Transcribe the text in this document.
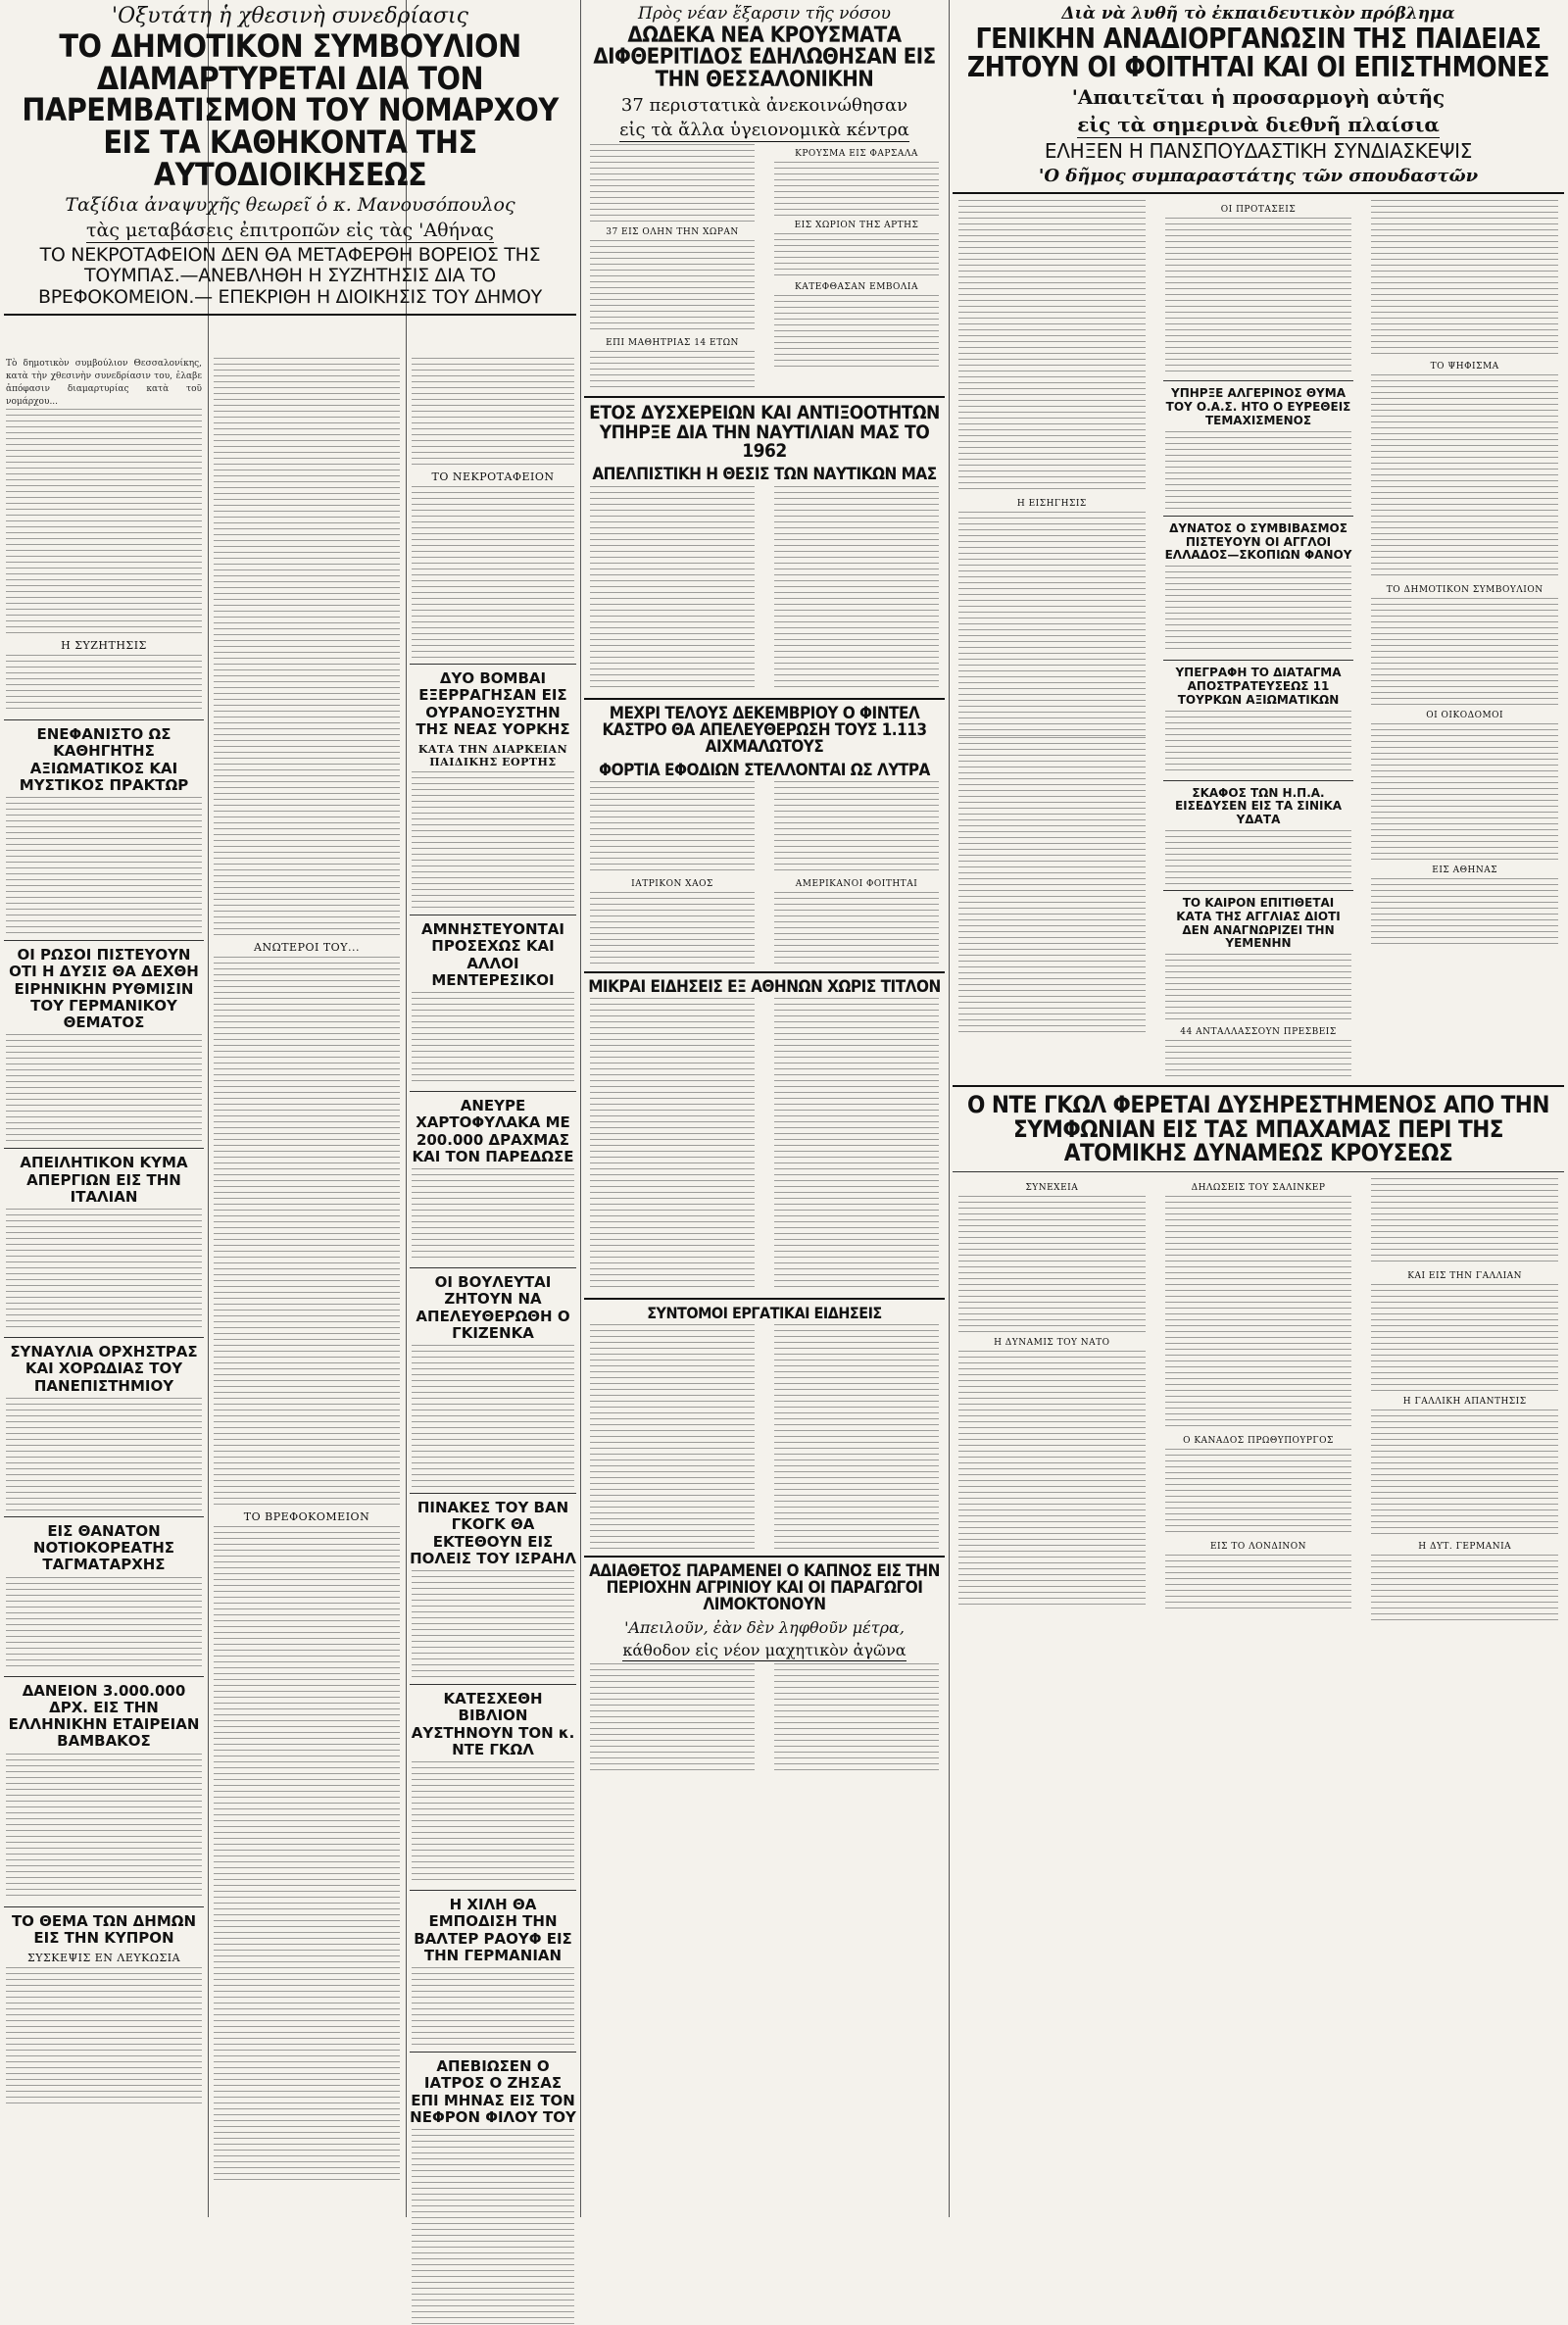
'Οξυτάτη ἡ χθεσινὴ συνεδρίασις
ΤΟ ΔΗΜΟΤΙΚΟΝ ΣΥΜΒΟΥΛΙΟΝ ΔΙΑΜΑΡΤΥΡΕΤΑΙ ΔΙΑ ΤΟΝ ΠΑΡΕΜΒΑΤΙΣΜΟΝ ΤΟΥ ΝΟΜΑΡΧΟΥ ΕΙΣ ΤΑ ΚΑΘΗΚΟΝΤΑ ΤΗΣ ΑΥΤΟΔΙΟΙΚΗΣΕΩΣ
Ταξίδια ἀναψυχῆς θεωρεῖ ὁ κ. Μανουσόπουλος
τὰς μεταβάσεις ἐπιτροπῶν εἰς τὰς 'Αθήνας
ΤΟ ΝΕΚΡΟΤΑΦΕΙΟΝ ΔΕΝ ΘΑ ΜΕΤΑΦΕΡΘΗ ΒΟΡΕΙΟΣ ΤΗΣ ΤΟΥΜΠΑΣ.—ΑΝΕΒΛΗΘΗ Η ΣΥΖΗΤΗΣΙΣ ΔΙΑ ΤΟ ΒΡΕΦΟΚΟΜΕΙΟΝ.— ΕΠΕΚΡΙΘΗ Η ΔΙΟΙΚΗΣΙΣ ΤΟΥ ΔΗΜΟΥ
Τὸ δημοτικὸν συμβούλιον Θεσσαλονίκης, κατὰ τὴν χθεσινὴν συνεδρίασιν του, ἐλαβε ἀπόφασιν διαμαρτυρίας κατὰ τοῦ νομάρχου...
Η ΣΥΖΗΤΗΣΙΣ
ΕΝΕΦΑΝΙΣΤΟ ΩΣ ΚΑΘΗΓΗΤΗΣ ΑΞΙΩΜΑΤΙΚΟΣ ΚΑΙ ΜΥΣΤΙΚΟΣ ΠΡΑΚΤΩΡ
ΟΙ ΡΩΣΟΙ ΠΙΣΤΕΥΟΥΝ ΟΤΙ Η ΔΥΣΙΣ ΘΑ ΔΕΧΘΗ ΕΙΡΗΝΙΚΗΝ ΡΥΘΜΙΣΙΝ ΤΟΥ ΓΕΡΜΑΝΙΚΟΥ ΘΕΜΑΤΟΣ
ΑΠΕΙΛΗΤΙΚΟΝ ΚΥΜΑ ΑΠΕΡΓΙΩΝ ΕΙΣ ΤΗΝ ΙΤΑΛΙΑΝ
ΣΥΝΑΥΛΙΑ ΟΡΧΗΣΤΡΑΣ ΚΑΙ ΧΟΡΩΔΙΑΣ ΤΟΥ ΠΑΝΕΠΙΣΤΗΜΙΟΥ
ΕΙΣ ΘΑΝΑΤΟΝ ΝΟΤΙΟΚΟΡΕΑΤΗΣ ΤΑΓΜΑΤΑΡΧΗΣ
ΔΑΝΕΙΟΝ 3.000.000 ΔΡΧ. ΕΙΣ ΤΗΝ ΕΛΛΗΝΙΚΗΝ ΕΤΑΙΡΕΙΑΝ ΒΑΜΒΑΚΟΣ
ΤΟ ΘΕΜΑ ΤΩΝ ΔΗΜΩΝ ΕΙΣ ΤΗΝ ΚΥΠΡΟΝ
ΣΥΣΚΕΨΙΣ ΕΝ ΛΕΥΚΩΣΙΑ
ΑΝΩΤΕΡΟΙ ΤΟΥ...
ΤΟ ΒΡΕΦΟΚΟΜΕΙΟΝ
ΤΟ ΝΕΚΡΟΤΑΦΕΙΟΝ
ΔΥΟ ΒΟΜΒΑΙ ΕΞΕΡΡΑΓΗΣΑΝ ΕΙΣ ΟΥΡΑΝΟΞΥΣΤΗΝ ΤΗΣ ΝΕΑΣ ΥΟΡΚΗΣ
ΚΑΤΑ ΤΗΝ ΔΙΑΡΚΕΙΑΝ ΠΑΙΔΙΚΗΣ ΕΟΡΤΗΣ
ΑΜΝΗΣΤΕΥΟΝΤΑΙ ΠΡΟΣΕΧΩΣ ΚΑΙ ΑΛΛΟΙ ΜΕΝΤΕΡΕΣΙΚΟΙ
ΑΝΕΥΡΕ ΧΑΡΤΟΦΥΛΑΚΑ ΜΕ 200.000 ΔΡΑΧΜΑΣ ΚΑΙ ΤΟΝ ΠΑΡΕΔΩΣΕ
ΟΙ ΒΟΥΛΕΥΤΑΙ ΖΗΤΟΥΝ ΝΑ ΑΠΕΛΕΥΘΕΡΩΘΗ Ο ΓΚΙΖΕΝΚΑ
ΠΙΝΑΚΕΣ ΤΟΥ ΒΑΝ ΓΚΟΓΚ ΘΑ ΕΚΤΕΘΟΥΝ ΕΙΣ ΠΟΛΕΙΣ ΤΟΥ ΙΣΡΑΗΛ
ΚΑΤΕΣΧΕΘΗ ΒΙΒΛΙΟΝ ΑΥΣΤΗΝΟΥΝ ΤΟΝ κ. ΝΤΕ ΓΚΩΛ
Η ΧΙΛΗ ΘΑ ΕΜΠΟΔΙΣΗ ΤΗΝ ΒΑΛΤΕΡ ΡΑΟΥΦ ΕΙΣ ΤΗΝ ΓΕΡΜΑΝΙΑΝ
ΑΠΕΒΙΩΣΕΝ Ο ΙΑΤΡΟΣ Ο ΖΗΣΑΣ ΕΠΙ ΜΗΝΑΣ ΕΙΣ ΤΟΝ ΝΕΦΡΟΝ ΦΙΛΟΥ ΤΟΥ
Πρὸς νέαν ἔξαρσιν τῆς νόσου
ΔΩΔΕΚΑ ΝΕΑ ΚΡΟΥΣΜΑΤΑ ΔΙΦΘΕΡΙΤΙΔΟΣ ΕΔΗΛΩΘΗΣΑΝ ΕΙΣ ΤΗΝ ΘΕΣΣΑΛΟΝΙΚΗΝ
37 περιστατικὰ ἀνεκοινώθησαν
εἰς τὰ ἄλλα ὑγειονομικὰ κέντρα
37 ΕΙΣ ΟΛΗΝ ΤΗΝ ΧΩΡΑΝ
ΕΠΙ ΜΑΘΗΤΡΙΑΣ 14 ΕΤΩΝ
ΚΡΟΥΣΜΑ ΕΙΣ ΦΑΡΣΑΛΑ
ΕΙΣ ΧΩΡΙΟΝ ΤΗΣ ΑΡΤΗΣ
ΚΑΤΕΦΘΑΣΑΝ ΕΜΒΟΛΙΑ
ΕΤΟΣ ΔΥΣΧΕΡΕΙΩΝ ΚΑΙ ΑΝΤΙΞΟΟΤΗΤΩΝ ΥΠΗΡΞΕ ΔΙΑ ΤΗΝ ΝΑΥΤΙΛΙΑΝ ΜΑΣ ΤΟ 1962
ΑΠΕΛΠΙΣΤΙΚΗ Η ΘΕΣΙΣ ΤΩΝ ΝΑΥΤΙΚΩΝ ΜΑΣ
ΜΕΧΡΙ ΤΕΛΟΥΣ ΔΕΚΕΜΒΡΙΟΥ Ο ΦΙΝΤΕΛ ΚΑΣΤΡΟ ΘΑ ΑΠΕΛΕΥΘΕΡΩΣΗ ΤΟΥΣ 1.113 ΑΙΧΜΑΛΩΤΟΥΣ
ΦΟΡΤΙΑ ΕΦΟΔΙΩΝ ΣΤΕΛΛΟΝΤΑΙ ΩΣ ΛΥΤΡΑ
ΙΑΤΡΙΚΟΝ ΧΑΟΣ	ΑΜΕΡΙΚΑΝΟΙ ΦΟΙΤΗΤΑΙ
ΜΙΚΡΑΙ ΕΙΔΗΣΕΙΣ ΕΞ ΑΘΗΝΩΝ ΧΩΡΙΣ ΤΙΤΛΟΝ
ΣΥΝΤΟΜΟΙ ΕΡΓΑΤΙΚΑΙ ΕΙΔΗΣΕΙΣ
ΑΔΙΑΘΕΤΟΣ ΠΑΡΑΜΕΝΕΙ Ο ΚΑΠΝΟΣ ΕΙΣ ΤΗΝ ΠΕΡΙΟΧΗΝ ΑΓΡΙΝΙΟΥ ΚΑΙ ΟΙ ΠΑΡΑΓΩΓΟΙ ΛΙΜΟΚΤΟΝΟΥΝ
'Απειλοῦν, ἐὰν δὲν ληφθοῦν μέτρα,
κάθοδον εἰς νέον μαχητικὸν ἀγῶνα
Διὰ νὰ λυθῆ τὸ ἐκπαιδευτικὸν πρόβλημα
ΓΕΝΙΚΗΝ ΑΝΑΔΙΟΡΓΑΝΩΣΙΝ ΤΗΣ ΠΑΙΔΕΙΑΣ ΖΗΤΟΥΝ ΟΙ ΦΟΙΤΗΤΑΙ ΚΑΙ ΟΙ ΕΠΙΣΤΗΜΟΝΕΣ
'Απαιτεῖται ἡ προσαρμογὴ αὐτῆς
εἰς τὰ σημερινὰ διεθνῆ πλαίσια
ΕΛΗΞΕΝ Η ΠΑΝΣΠΟΥΔΑΣΤΙΚΗ ΣΥΝΔΙΑΣΚΕΨΙΣ
'Ο δῆμος συμπαραστάτης τῶν σπουδαστῶν
Η ΕΙΣΗΓΗΣΙΣ
ΟΙ ΠΡΟΤΑΣΕΙΣ
ΥΠΗΡΞΕ ΑΛΓΕΡΙΝΟΣ ΘΥΜΑ ΤΟΥ Ο.Α.Σ. ΗΤΟ Ο ΕΥΡΕΘΕΙΣ ΤΕΜΑΧΙΣΜΕΝΟΣ
ΔΥΝΑΤΟΣ Ο ΣΥΜΒΙΒΑΣΜΟΣ ΠΙΣΤΕΥΟΥΝ ΟΙ ΑΓΓΛΟΙ ΕΛΛΑΔΟΣ—ΣΚΟΠΙΩΝ ΦΑΝΟΥ
ΥΠΕΓΡΑΦΗ ΤΟ ΔΙΑΤΑΓΜΑ ΑΠΟΣΤΡΑΤΕΥΣΕΩΣ 11 ΤΟΥΡΚΩΝ ΑΞΙΩΜΑΤΙΚΩΝ
ΣΚΑΦΟΣ ΤΩΝ Η.Π.Α. ΕΙΣΕΔΥΣΕΝ ΕΙΣ ΤΑ ΣΙΝΙΚΑ ΥΔΑΤΑ
ΤΟ ΚΑΙΡΟΝ ΕΠΙΤΙΘΕΤΑΙ ΚΑΤΑ ΤΗΣ ΑΓΓΛΙΑΣ ΔΙΟΤΙ ΔΕΝ ΑΝΑΓΝΩΡΙΖΕΙ ΤΗΝ ΥΕΜΕΝΗΝ
44 ΑΝΤΑΛΛΑΣΣΟΥΝ ΠΡΕΣΒΕΙΣ
ΤΟ ΨΗΦΙΣΜΑ
ΤΟ ΔΗΜΟΤΙΚΟΝ ΣΥΜΒΟΥΛΙΟΝ
ΟΙ ΟΙΚΟΔΟΜΟΙ
ΕΙΣ ΑΘΗΝΑΣ
Ο ΝΤΕ ΓΚΩΛ ΦΕΡΕΤΑΙ ΔΥΣΗΡΕΣΤΗΜΕΝΟΣ ΑΠΟ ΤΗΝ ΣΥΜΦΩΝΙΑΝ ΕΙΣ ΤΑΣ ΜΠΑΧΑΜΑΣ ΠΕΡΙ ΤΗΣ ΑΤΟΜΙΚΗΣ ΔΥΝΑΜΕΩΣ ΚΡΟΥΣΕΩΣ
ΣΥΝΕΧΕΙΑ
Η ΔΥΝΑΜΙΣ ΤΟΥ ΝΑΤΟ
ΔΗΛΩΣΕΙΣ ΤΟΥ ΣΑΛΙΝΚΕΡ
Ο ΚΑΝΑΔΟΣ ΠΡΩΘΥΠΟΥΡΓΟΣ
ΕΙΣ ΤΟ ΛΟΝΔΙΝΟΝ
ΚΑΙ ΕΙΣ ΤΗΝ ΓΑΛΛΙΑΝ
Η ΓΑΛΛΙΚΗ ΑΠΑΝΤΗΣΙΣ
Η ΔΥΤ. ΓΕΡΜΑΝΙΑ
